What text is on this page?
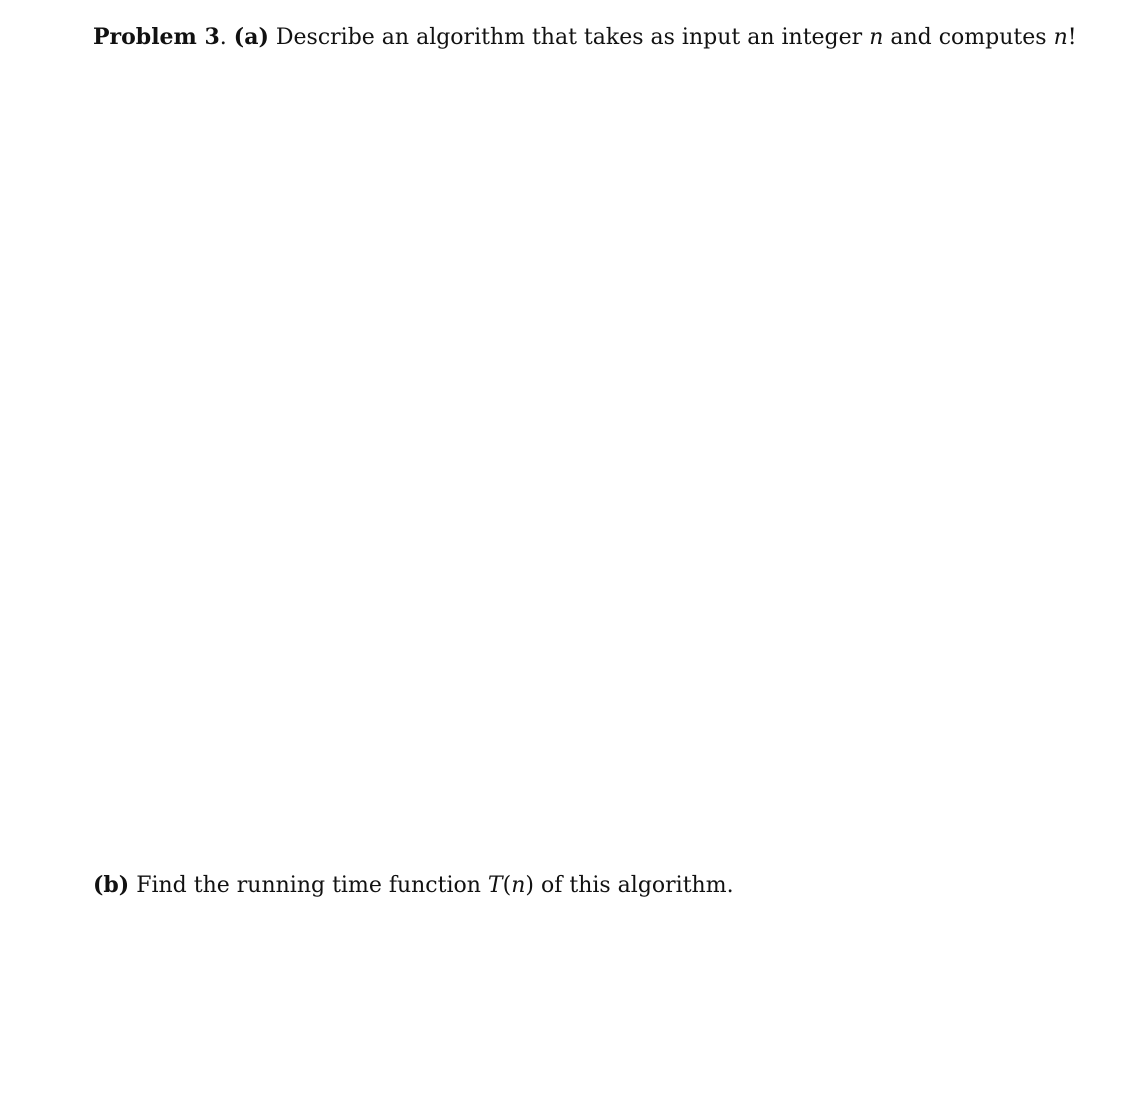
Problem 3. (a) Describe an algorithm that takes as input an integer n and computes n!
(b) Find the running time function T(n) of this algorithm.
